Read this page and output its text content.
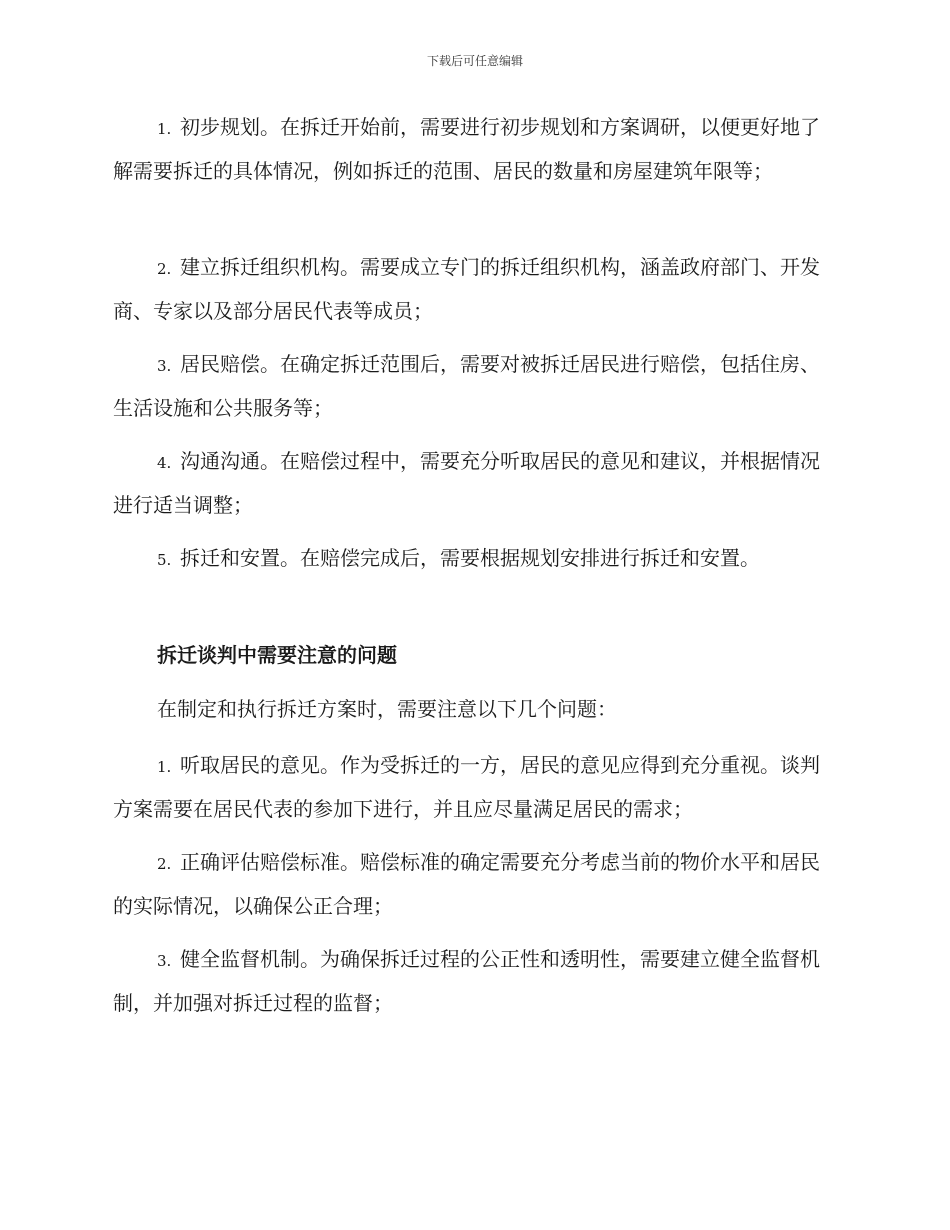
下载后可任意编辑
1. 初步规划。在拆迁开始前，需要进行初步规划和方案调研，以便更好地了解需要拆迁的具体情况，例如拆迁的范围、居民的数量和房屋建筑年限等；
2. 建立拆迁组织机构。需要成立专门的拆迁组织机构，涵盖政府部门、开发商、专家以及部分居民代表等成员；
3. 居民赔偿。在确定拆迁范围后，需要对被拆迁居民进行赔偿，包括住房、生活设施和公共服务等；
4. 沟通沟通。在赔偿过程中，需要充分听取居民的意见和建议，并根据情况进行适当调整；
5. 拆迁和安置。在赔偿完成后，需要根据规划安排进行拆迁和安置。
拆迁谈判中需要注意的问题
在制定和执行拆迁方案时，需要注意以下几个问题：
1. 听取居民的意见。作为受拆迁的一方，居民的意见应得到充分重视。谈判方案需要在居民代表的参加下进行，并且应尽量满足居民的需求；
2. 正确评估赔偿标准。赔偿标准的确定需要充分考虑当前的物价水平和居民的实际情况，以确保公正合理；
3. 健全监督机制。为确保拆迁过程的公正性和透明性，需要建立健全监督机制，并加强对拆迁过程的监督；
